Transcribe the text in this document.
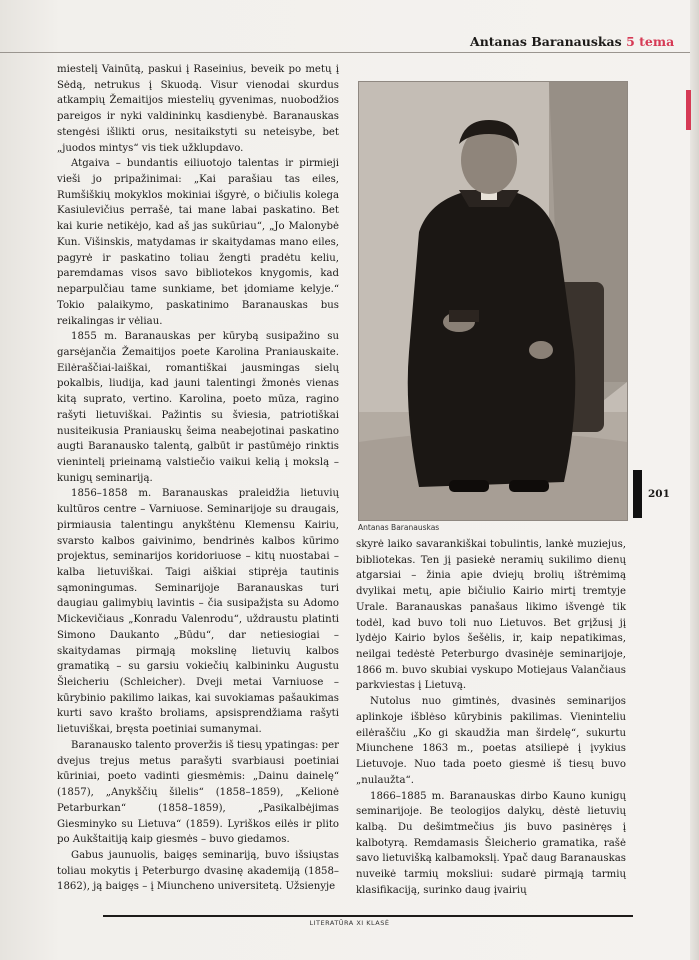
Antanas Baranauskas 5 tema

miestelį Vainūtą, paskui į Raseinius, beveik po metų į Sėdą, netrukus į Skuodą. Visur vienodai skurdus atkampių Žemaitijos miestelių gyvenimas, nuobodžios pareigos ir nyki valdininkų kasdienybė. Baranauskas stengėsi išlikti orus, nesitaikstyti su neteisybe, bet „juodos mintys“ vis tiek užklupdavo.

Atgaiva – bundantis eiliuotojo talentas ir pirmieji vieši jo pripažinimai: „Kai parašiau tas eiles, Rumšiškių mokyklos mokiniai išgyrė, o bičiulis kolega Kasiulevičius perrašė, tai mane labai paskatino. Bet kai kurie netikėjo, kad aš jas sukūriau“, „Jo Malonybė Kun. Višinskis, matydamas ir skaitydamas mano eiles, pagyrė ir paskatino toliau žengti pradėtu keliu, paremdamas visos savo bibliotekos knygomis, kad neparpulčiau tame sunkiame, bet įdomiame kelyje.“ Tokio palaikymo, paskatinimo Baranauskas bus reikalingas ir vėliau.

1855 m. Baranauskas per kūrybą susipažino su garsėjančia Žemaitijos poete Karolina Praniauskaite. Eilėraščiai-laiškai, romantiškai jausmingas sielų pokalbis, liudija, kad jauni talentingi žmonės vienas kitą suprato, vertino. Karolina, poeto mūza, ragino rašyti lietuviškai. Pažintis su šviesia, patriotiškai nusiteikusia Praniauskų šeima neabejotinai paskatino augti Baranausko talentą, galbūt ir pastūmėjo rinktis vienintelį prieinamą valstiečio vaikui kelią į mokslą – kunigų seminariją.

1856–1858 m. Baranauskas praleidžia lietuvių kultūros centre – Varniuose. Seminarijoje su draugais, pirmiausia talentingu anykštėnu Klemensu Kairiu, svarsto kalbos gaivinimo, bendrinės kalbos kūrimo projektus, seminarijos koridoriuose – kitų nuostabai – kalba lietuviškai. Taigi aiškiai stiprėja tautinis sąmoningumas. Seminarijoje Baranauskas turi daugiau galimybių lavintis – čia susipažįsta su Adomo Mickevičiaus „Konradu Valenrodu“, uždraustu platinti Simono Daukanto „Būdu“, dar netiesiogiai – skaitydamas pirmąją mokslinę lietuvių kalbos gramatiką – su garsiu vokiečių kalbininku Augustu Šleicheriu (Schleicher). Dveji metai Varniuose – kūrybinio pakilimo laikas, kai suvokiamas pašaukimas kurti savo krašto broliams, apsisprendžiama rašyti lietuviškai, bręsta poetiniai sumanymai.

Baranausko talento proveržis iš tiesų ypatingas: per dvejus trejus metus parašyti svarbiausi poetiniai kūriniai, poeto vadinti giesmėmis: „Dainu dainelę“ (1857), „Anykščių šilelis“ (1858–1859), „Kelionė Petarburkan“ (1858–1859), „Pasikalbėjimas Giesminyko su Lietuva“ (1859). Lyriškos eilės ir plito po Aukštaitiją kaip giesmės – buvo giedamos.

Gabus jaunuolis, baigęs seminariją, buvo išsiųstas toliau mokytis į Peterburgo dvasinę akademiją (1858–1862), ją baigęs – į Miuncheno universitetą. Užsienyje

Antanas Baranauskas
201

skyrė laiko savarankiškai tobulintis, lankė muziejus, bibliotekas. Ten jį pasiekė neramių sukilimo dienų atgarsiai – žinia apie dviejų brolių ištrėmimą dvylikai metų, apie bičiulio Kairio mirtį tremtyje Urale. Baranauskas panašaus likimo išvengė tik todėl, kad buvo toli nuo Lietuvos. Bet grįžusį jį lydėjo Kairio bylos šešėlis, ir, kaip nepatikimas, neilgai tedėstė Peterburgo dvasinėje seminarijoje, 1866 m. buvo skubiai vyskupo Motiejaus Valančiaus parkviestas į Lietuvą.

Nutolus nuo gimtinės, dvasinės seminarijos aplinkoje išblėso kūrybinis pakilimas. Vieninteliu eilėraščiu „Ko gi skaudžia man širdelę“, sukurtu Miunchene 1863 m., poetas atsiliepė į įvykius Lietuvoje. Nuo tada poeto giesmė iš tiesų buvo „nulaužta“.

1866–1885 m. Baranauskas dirbo Kauno kunigų seminarijoje. Be teologijos dalykų, dėstė lietuvių kalbą. Du dešimtmečius jis buvo pasinėręs į kalbotyrą. Remdamasis Šleicherio gramatika, rašė savo lietuvišką kalbamokslį. Ypač daug Baranauskas nuveikė tarmių moksliui: sudarė pirmąją tarmių klasifikaciją, surinko daug įvairių

LITERATŪRA XI KLASĖ
